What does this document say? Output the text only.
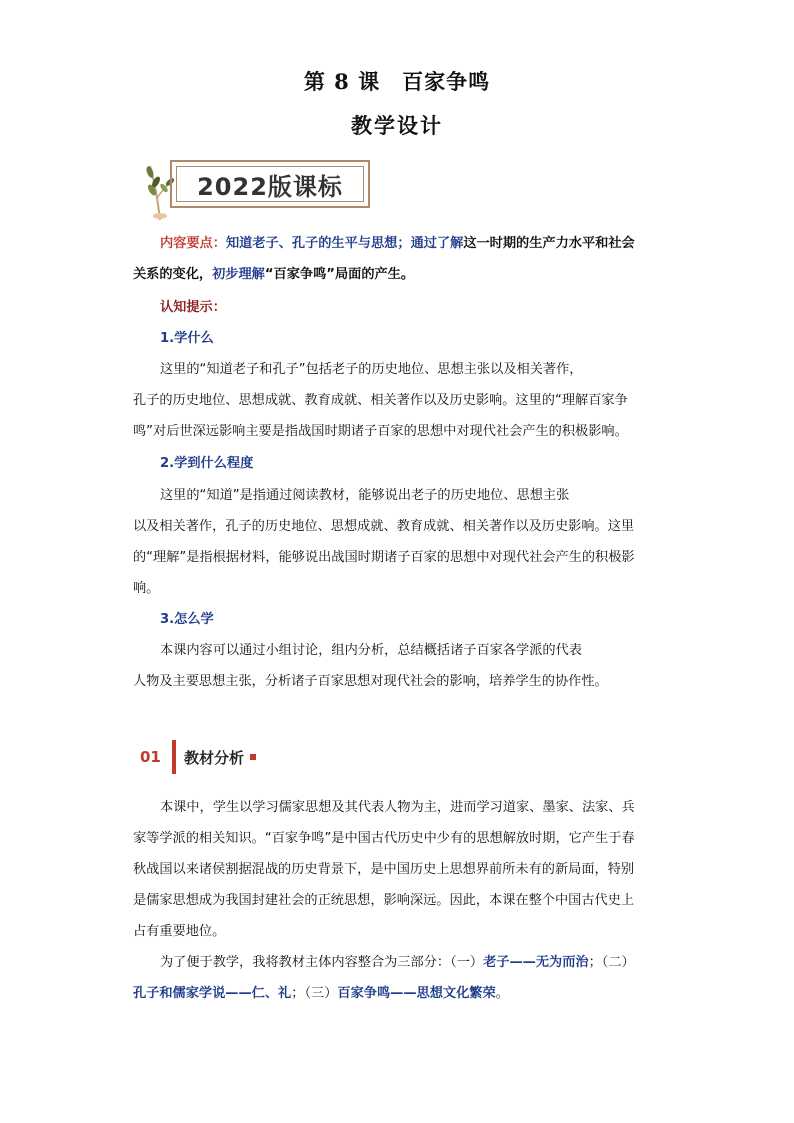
第 8 课 百家争鸣
教学设计
2022版课标
内容要点：知道老子、孔子的生平与思想；通过了解这一时期的生产力水平和社会
关系的变化，初步理解“百家争鸣”局面的产生。
认知提示：
1.学什么
这里的“知道老子和孔子”包括老子的历史地位、思想主张以及相关著作，
孔子的历史地位、思想成就、教育成就、相关著作以及历史影响。这里的“理解百家争
鸣”对后世深远影响主要是指战国时期诸子百家的思想中对现代社会产生的积极影响。
2.学到什么程度
这里的“知道”是指通过阅读教材，能够说出老子的历史地位、思想主张
以及相关著作，孔子的历史地位、思想成就、教育成就、相关著作以及历史影响。这里
的“理解”是指根据材料，能够说出战国时期诸子百家的思想中对现代社会产生的积极影
响。
3.怎么学
本课内容可以通过小组讨论，组内分析，总结概括诸子百家各学派的代表
人物及主要思想主张，分析诸子百家思想对现代社会的影响，培养学生的协作性。
01	教材分析
本课中，学生以学习儒家思想及其代表人物为主，进而学习道家、墨家、法家、兵
家等学派的相关知识。“百家争鸣”是中国古代历史中少有的思想解放时期，它产生于春
秋战国以来诸侯割据混战的历史背景下，是中国历史上思想界前所未有的新局面，特别
是儒家思想成为我国封建社会的正统思想，影响深远。因此，本课在整个中国古代史上
占有重要地位。
为了便于教学，我将教材主体内容整合为三部分：（一）老子——无为而治；（二）
孔子和儒家学说——仁、礼；（三）百家争鸣——思想文化繁荣。
